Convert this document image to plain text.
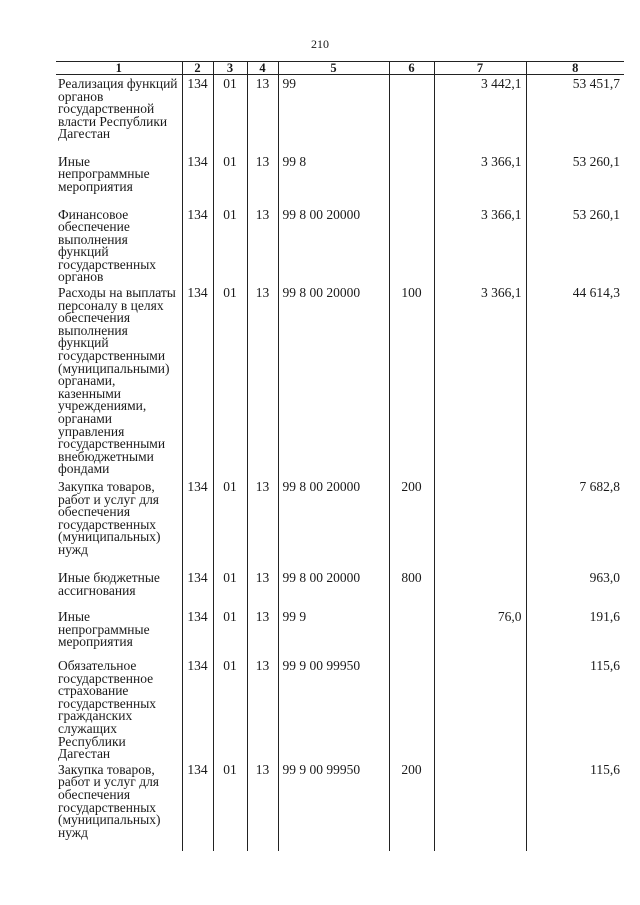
210
1	2	3	4	5	6	7	8
Реализация функций органов государственной власти Республики Дагестан	134	01	13	99		3 442,1	53 451,7
Иные непрограммные мероприятия	134	01	13	99 8		3 366,1	53 260,1
Финансовое обеспечение выполнения функций государственных органов	134	01	13	99 8 00 20000		3 366,1	53 260,1
Расходы на выплаты персоналу в целях обеспечения выполнения функций государственными (муниципальными) органами, казенными учреждениями, органами управления государственными внебюджетными фондами	134	01	13	99 8 00 20000	100	3 366,1	44 614,3
Закупка товаров, работ и услуг для обеспечения государственных (муниципальных) нужд	134	01	13	99 8 00 20000	200		7 682,8
Иные бюджетные ассигнования	134	01	13	99 8 00 20000	800		963,0
Иные непрограммные мероприятия	134	01	13	99 9		76,0	191,6
Обязательное государственное страхование государственных гражданских служащих Республики Дагестан	134	01	13	99 9 00 99950			115,6
Закупка товаров, работ и услуг для обеспечения государственных (муниципальных) нужд	134	01	13	99 9 00 99950	200		115,6
